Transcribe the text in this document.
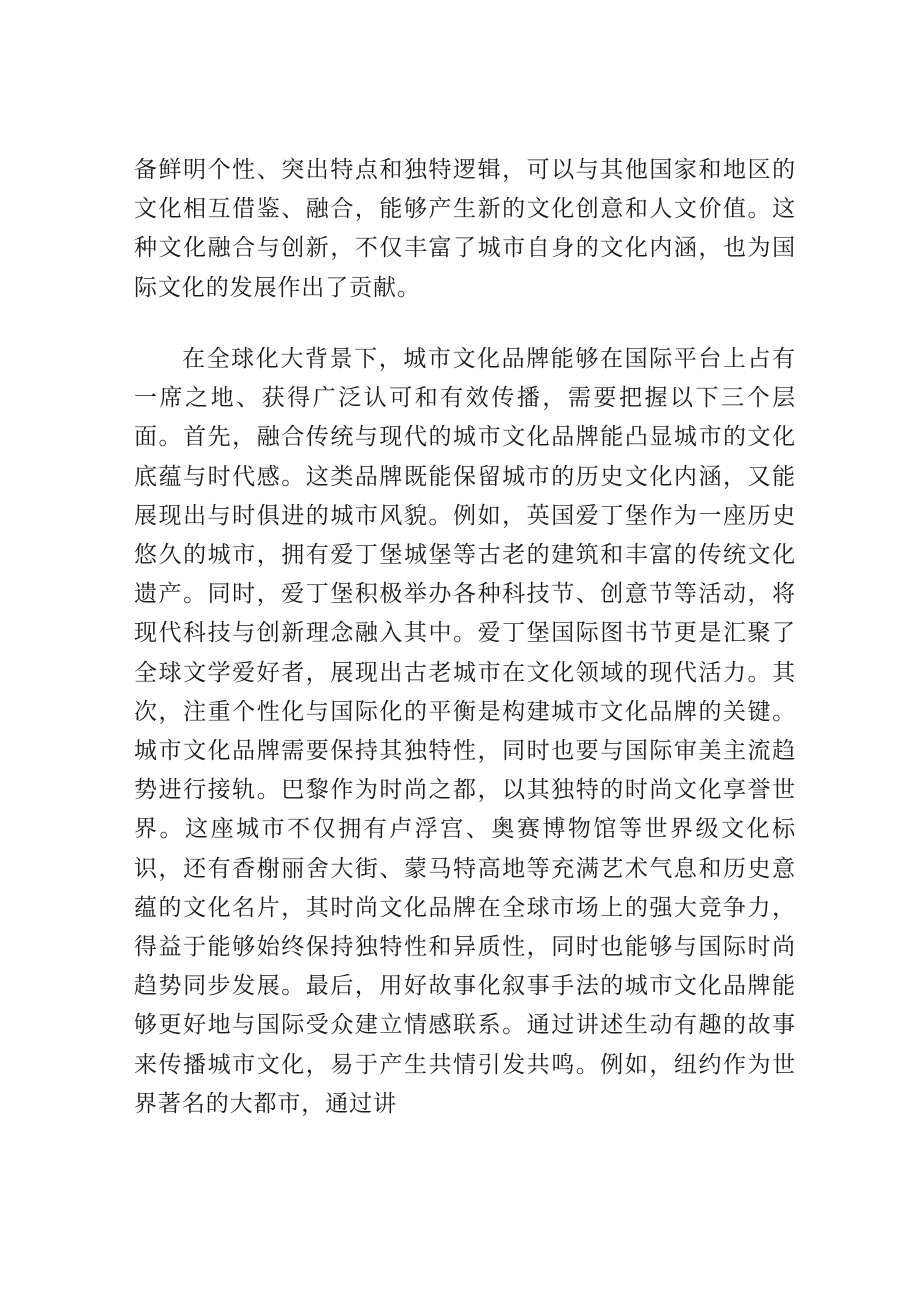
备鲜明个性、突出特点和独特逻辑，可以与其他国家和地区的文化相互借鉴、融合，能够产生新的文化创意和人文价值。这种文化融合与创新，不仅丰富了城市自身的文化内涵，也为国际文化的发展作出了贡献。

在全球化大背景下，城市文化品牌能够在国际平台上占有一席之地、获得广泛认可和有效传播，需要把握以下三个层面。首先，融合传统与现代的城市文化品牌能凸显城市的文化底蕴与时代感。这类品牌既能保留城市的历史文化内涵，又能展现出与时俱进的城市风貌。例如，英国爱丁堡作为一座历史悠久的城市，拥有爱丁堡城堡等古老的建筑和丰富的传统文化遗产。同时，爱丁堡积极举办各种科技节、创意节等活动，将现代科技与创新理念融入其中。爱丁堡国际图书节更是汇聚了全球文学爱好者，展现出古老城市在文化领域的现代活力。其次，注重个性化与国际化的平衡是构建城市文化品牌的关键。城市文化品牌需要保持其独特性，同时也要与国际审美主流趋势进行接轨。巴黎作为时尚之都，以其独特的时尚文化享誉世界。这座城市不仅拥有卢浮宫、奥赛博物馆等世界级文化标识，还有香榭丽舍大街、蒙马特高地等充满艺术气息和历史意蕴的文化名片，其时尚文化品牌在全球市场上的强大竞争力，得益于能够始终保持独特性和异质性，同时也能够与国际时尚趋势同步发展。最后，用好故事化叙事手法的城市文化品牌能够更好地与国际受众建立情感联系。通过讲述生动有趣的故事来传播城市文化，易于产生共情引发共鸣。例如，纽约作为世界著名的大都市，通过讲
